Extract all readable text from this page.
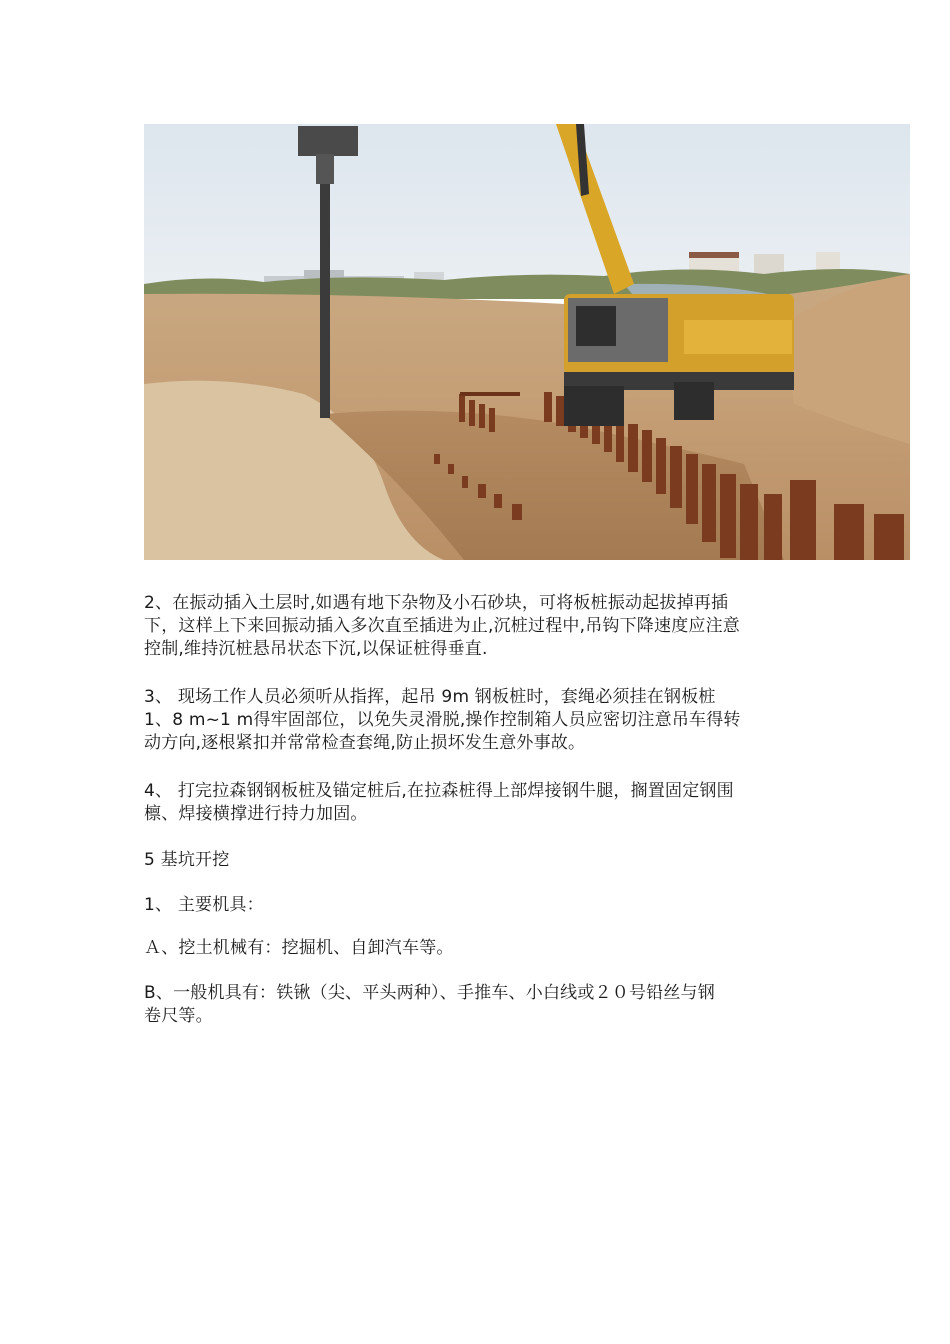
2、在振动插入土层时,如遇有地下杂物及小石砂块，可将板桩振动起拔掉再插
下，这样上下来回振动插入多次直至插进为止,沉桩过程中,吊钩下降速度应注意
控制,维持沉桩悬吊状态下沉,以保证桩得垂直.
3、 现场工作人员必须听从指挥，起吊 9m 钢板桩时，套绳必须挂在钢板桩
1、8 m~1 m得牢固部位，以免失灵滑脱,操作控制箱人员应密切注意吊车得转
动方向,逐根紧扣并常常检查套绳,防止损坏发生意外事故。
4、 打完拉森钢钢板桩及锚定桩后,在拉森桩得上部焊接钢牛腿，搁置固定钢围
檩、焊接横撑进行持力加固。
5 基坑开挖
1、 主要机具：
Ａ、挖土机械有：挖掘机、自卸汽车等。
B、一般机具有：铁锹（尖、平头两种）、手推车、小白线或２０号铅丝与钢
卷尺等。
